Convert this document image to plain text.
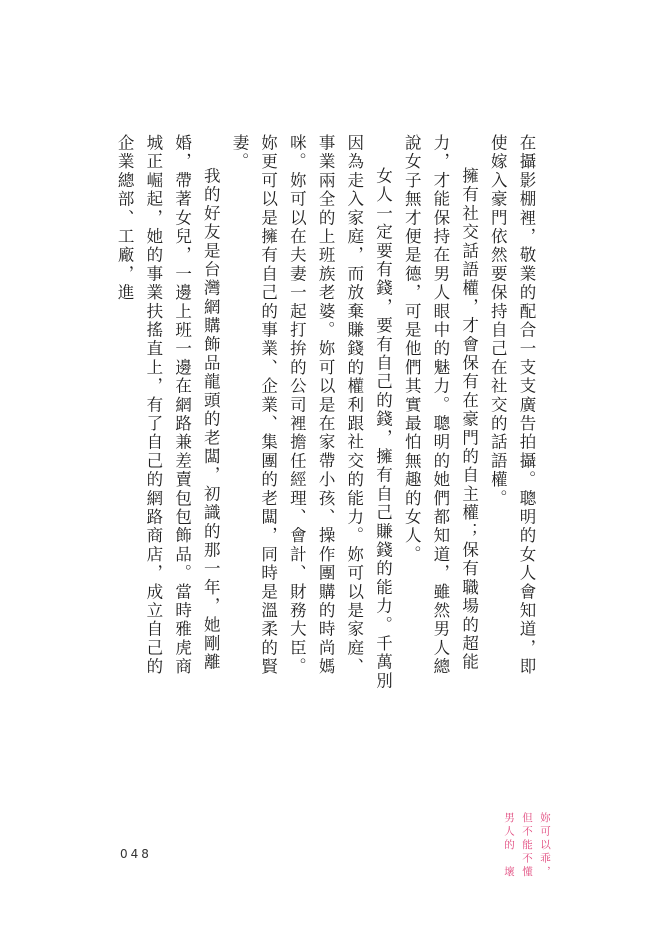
在攝影棚裡，敬業的配合一支支廣告拍攝。聰明的女人會知道，即使嫁入豪門依然要保持自己在社交的話語權。

擁有社交話語權，才會保有在豪門的自主權；保有職場的超能力，才能保持在男人眼中的魅力。聰明的她們都知道，雖然男人總說女子無才便是德，可是他們其實最怕無趣的女人。

女人一定要有錢，要有自己的錢，擁有自己賺錢的能力。千萬別因為走入家庭，而放棄賺錢的權利跟社交的能力。妳可以是家庭、事業兩全的上班族老婆。妳可以是在家帶小孩、操作團購的時尚媽咪。妳可以在夫妻一起打拚的公司裡擔任經理、會計、財務大臣。妳更可以是擁有自己的事業、企業、集團的老闆，同時是溫柔的賢妻。

我的好友是台灣網購飾品龍頭的老闆，初識的那一年，她剛離婚，帶著女兒，一邊上班一邊在網路兼差賣包包飾品。當時雅虎商城正崛起，她的事業扶搖直上，有了自己的網路商店，成立自己的企業總部、工廠，進

048	妳可以乖，
但不能不懂
男人的　壞
